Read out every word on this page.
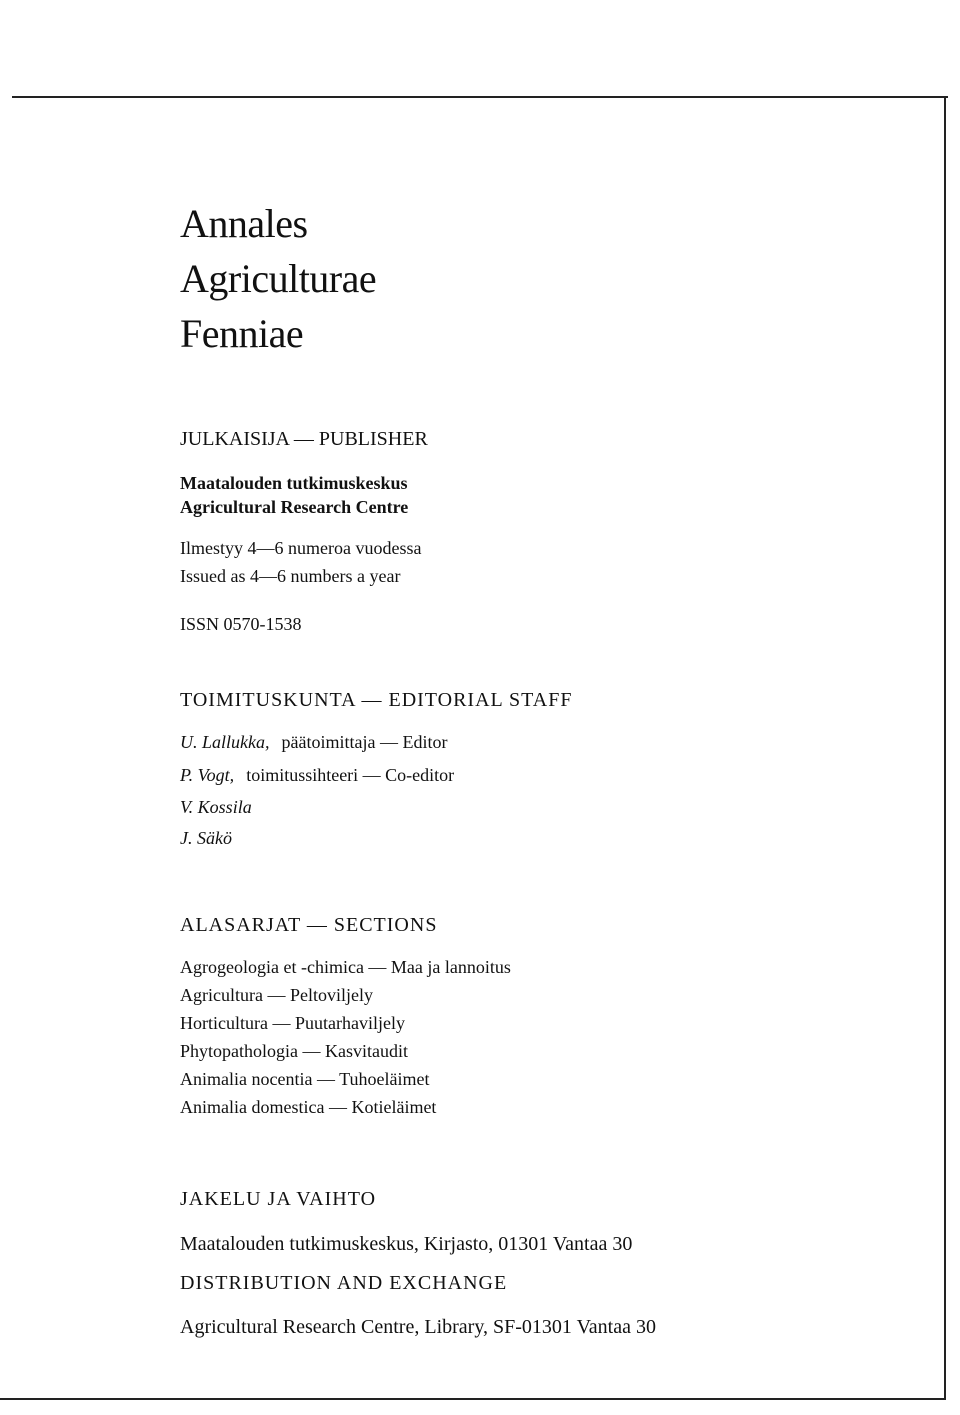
Annales
Agriculturae
Fenniae
JULKAISIJA — PUBLISHER
Maatalouden tutkimuskeskus
Agricultural Research Centre
Ilmestyy 4—6 numeroa vuodessa
Issued as 4—6 numbers a year
ISSN 0570-1538
TOIMITUSKUNTA — EDITORIAL STAFF
U. Lallukka, päätoimittaja — Editor
P. Vogt, toimitussihteeri — Co-editor
V. Kossila
J. Säkö
ALASARJAT — SECTIONS
Agrogeologia et -chimica — Maa ja lannoitus
Agricultura — Peltoviljely
Horticultura — Puutarhaviljely
Phytopathologia — Kasvitaudit
Animalia nocentia — Tuhoeläimet
Animalia domestica — Kotieläimet
JAKELU JA VAIHTO
Maatalouden tutkimuskeskus, Kirjasto, 01301 Vantaa 30
DISTRIBUTION AND EXCHANGE
Agricultural Research Centre, Library, SF-01301 Vantaa 30
